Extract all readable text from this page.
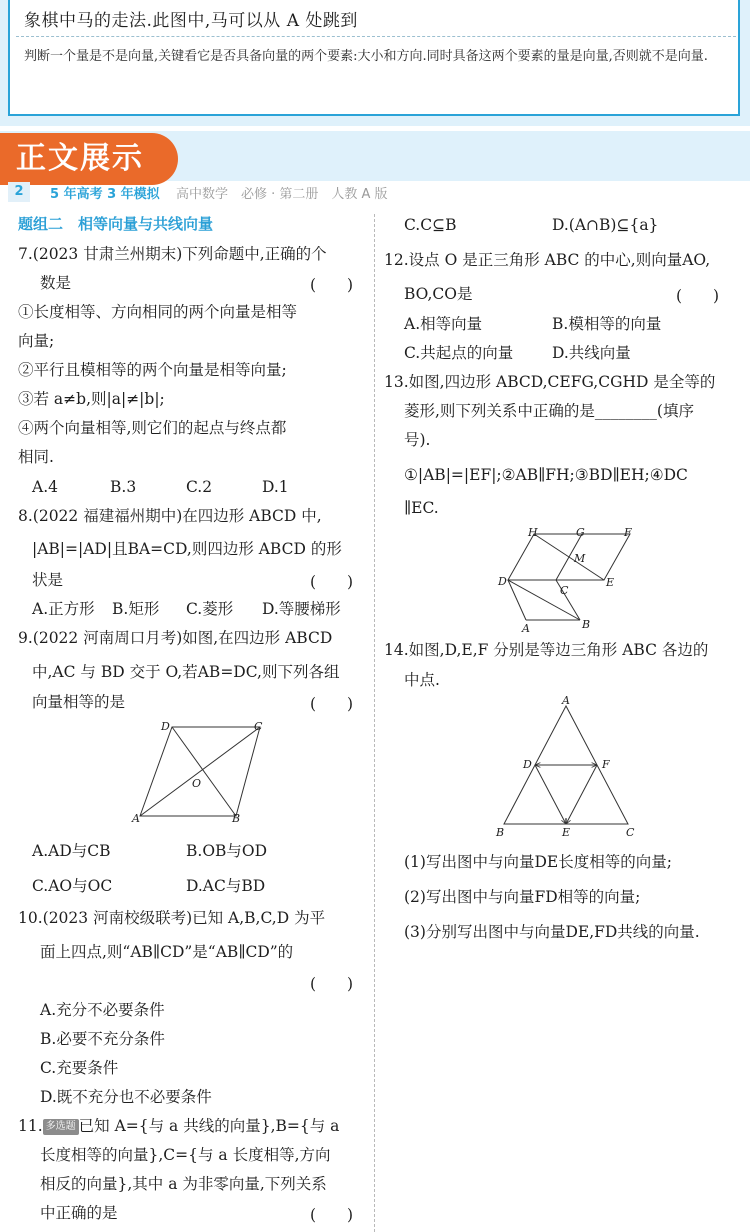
象棋中马的走法.此图中,马可以从 A 处跳到
判断一个量是不是向量,关键看它是否具备向量的两个要素:大小和方向.同时具备这两个要素的量是向量,否则就不是向量.
正文展示
2	5 年高考 3 年模拟 高中数学　必修 · 第二册　人教 A 版
题组二　相等向量与共线向量
7.(2023 甘肃兰州期末)下列命题中,正确的个
数是	(　　)
①长度相等、方向相同的两个向量是相等
向量;
②平行且模相等的两个向量是相等向量;
③若 a≠b,则|a|≠|b|;
④两个向量相等,则它们的起点与终点都
相同.
A.4	B.3	C.2	D.1
8.(2022 福建福州期中)在四边形 ABCD 中,
|AB|=|AD|且BA=CD,则四边形 ABCD 的形
状是	(　　)
A.正方形 B.矩形 C.菱形 D.等腰梯形
9.(2022 河南周口月考)如图,在四边形 ABCD
中,AC 与 BD 交于 O,若AB=DC,则下列各组
向量相等的是	(　　)
D	C
O
A	B
A.AD与CB	B.OB与OD
C.AO与OC	D.AC与BD
10.(2023 河南校级联考)已知 A,B,C,D 为平
面上四点,则“AB∥CD”是“AB∥CD”的
(　　)
A.充分不必要条件
B.必要不充分条件
C.充要条件
D.既不充分也不必要条件
11. 多选题 已知 A={与 a 共线的向量},B={与 a
长度相等的向量},C={与 a 长度相等,方向
相反的向量},其中 a 为非零向量,下列关系
中正确的是	(　　)
C.C⊆B	D.(A∩B)⊆{a}
12.设点 O 是正三角形 ABC 的中心,则向量AO,
BO,CO是	(　　)
A.相等向量	B.模相等的向量
C.共起点的向量	D.共线向量
13.如图,四边形 ABCD,CEFG,CGHD 是全等的
菱形,则下列关系中正确的是________(填序
号).
①|AB|=|EF|;②AB∥FH;③BD∥EH;④DC
∥EC.
H	G	F
M
D
C
E
A	B
14.如图,D,E,F 分别是等边三角形 ABC 各边的
中点.
A
D	F
B	E	C
(1)写出图中与向量DE长度相等的向量;
(2)写出图中与向量FD相等的向量;
(3)分别写出图中与向量DE,FD共线的向量.
